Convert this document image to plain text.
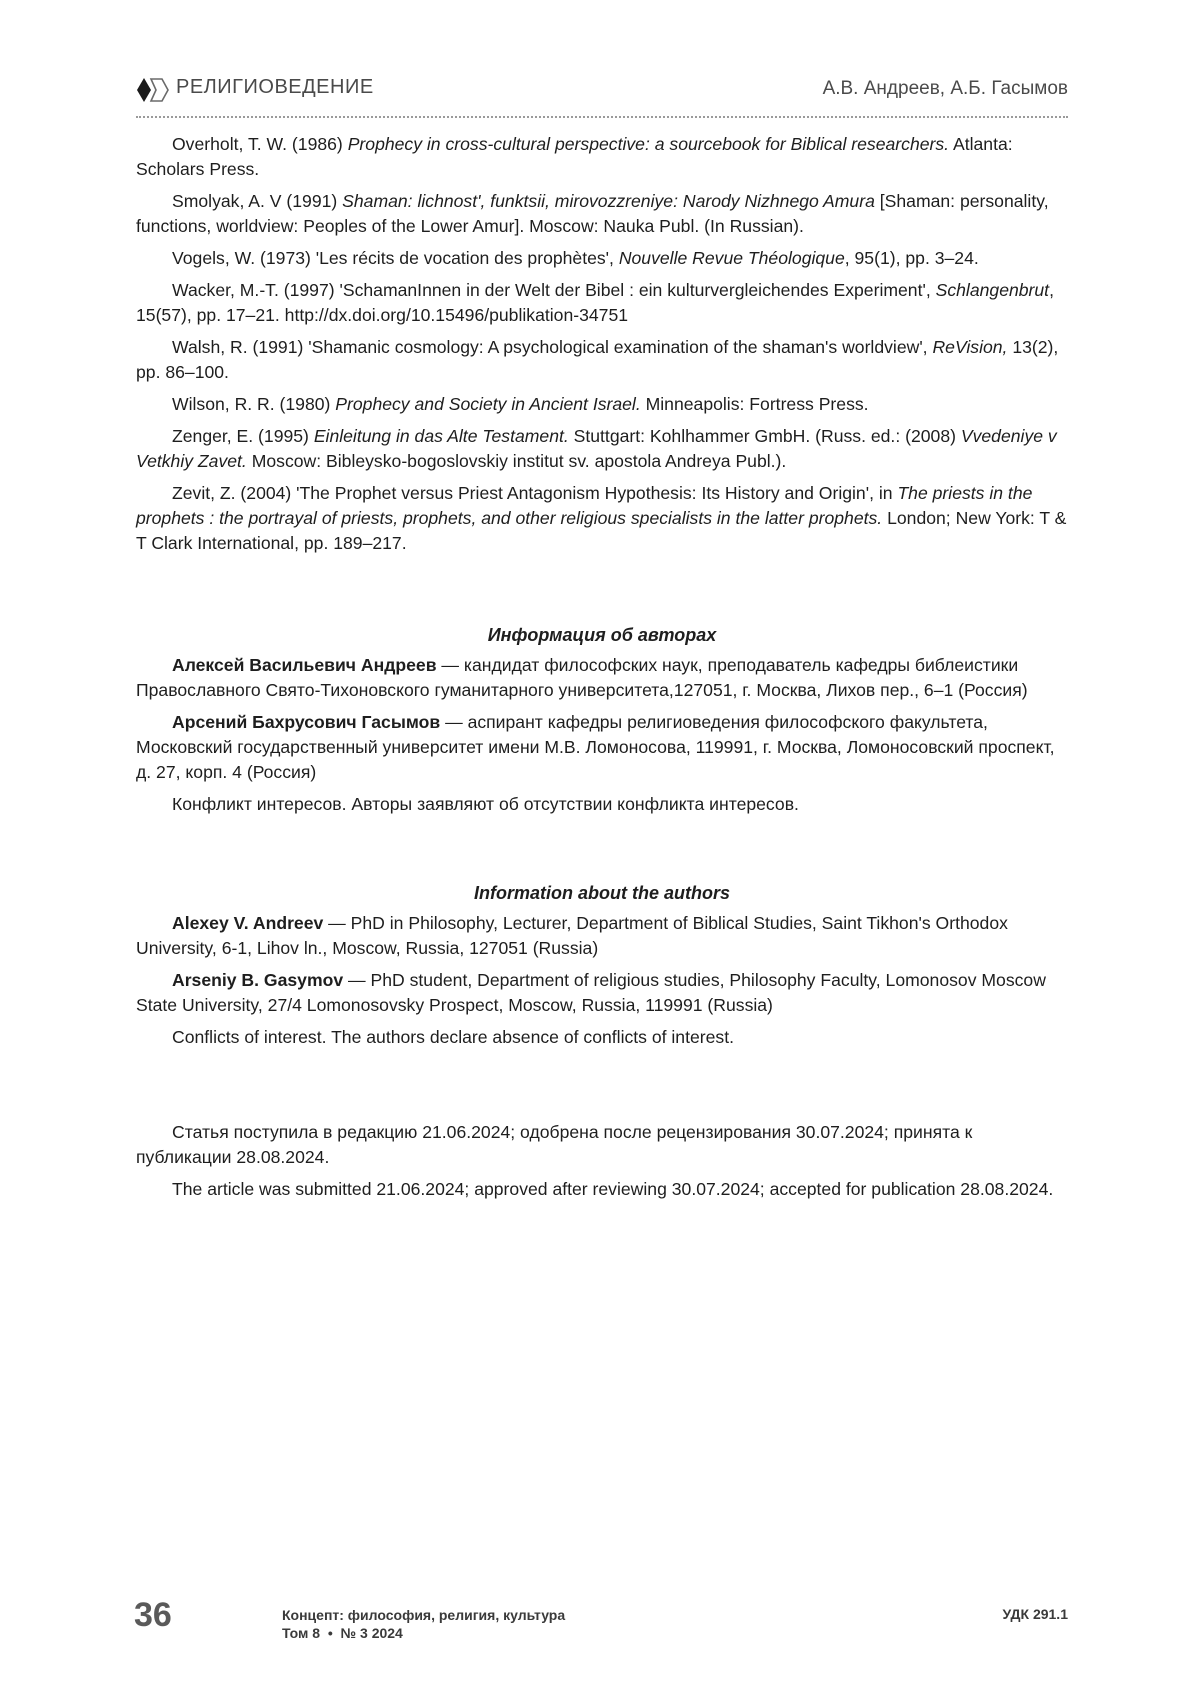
РЕЛИГИОВЕДЕНИЕ	А.В. Андреев, А.Б. Гасымов

Overholt, T. W. (1986) Prophecy in cross-cultural perspective: a sourcebook for Biblical researchers. Atlanta: Scholars Press.

Smolyak, A. V (1991) Shaman: lichnost', funktsii, mirovozzreniye: Narody Nizhnego Amura [Shaman: personality, functions, worldview: Peoples of the Lower Amur]. Moscow: Nauka Publ. (In Russian).

Vogels, W. (1973) 'Les récits de vocation des prophètes', Nouvelle Revue Théologique, 95(1), pp. 3–24.

Wacker, M.-T. (1997) 'SchamanInnen in der Welt der Bibel : ein kulturvergleichendes Experiment', Schlangenbrut, 15(57), pp. 17–21. http://dx.doi.org/10.15496/publikation-34751

Walsh, R. (1991) 'Shamanic cosmology: A psychological examination of the shaman's worldview', ReVision, 13(2), pp. 86–100.

Wilson, R. R. (1980) Prophecy and Society in Ancient Israel. Minneapolis: Fortress Press.

Zenger, E. (1995) Einleitung in das Alte Testament. Stuttgart: Kohlhammer GmbH. (Russ. ed.: (2008) Vvedeniye v Vetkhiy Zavet. Moscow: Bibleysko-bogoslovskiy institut sv. apostola Andreya Publ.).

Zevit, Z. (2004) 'The Prophet versus Priest Antagonism Hypothesis: Its History and Origin', in The priests in the prophets : the portrayal of priests, prophets, and other religious specialists in the latter prophets. London; New York: T & T Clark International, pp. 189–217.

Информация об авторах

Алексей Васильевич Андреев — кандидат философских наук, преподаватель кафедры библеистики Православного Свято-Тихоновского гуманитарного университета,127051, г. Москва, Лихов пер., 6–1 (Россия)

Арсений Бахрусович Гасымов — аспирант кафедры религиоведения философского факультета, Московский государственный университет имени М.В. Ломоносова, 119991, г. Москва, Ломоносовский проспект, д. 27, корп. 4 (Россия)

Конфликт интересов. Авторы заявляют об отсутствии конфликта интересов.

Information about the authors

Alexey V. Andreev — PhD in Philosophy, Lecturer, Department of Biblical Studies, Saint Tikhon's Orthodox University, 6-1, Lihov ln., Moscow, Russia, 127051 (Russia)

Arseniy B. Gasymov — PhD student, Department of religious studies, Philosophy Faculty, Lomonosov Moscow State University, 27/4 Lomonosovsky Prospect, Moscow, Russia, 119991 (Russia)

Conflicts of interest. The authors declare absence of conflicts of interest.

Статья поступила в редакцию 21.06.2024; одобрена после рецензирования 30.07.2024; принята к публикации 28.08.2024.

The article was submitted 21.06.2024; approved after reviewing 30.07.2024; accepted for publication 28.08.2024.

36	Концепт: философия, религия, культура
Том 8  •  № 3 2024
УДК 291.1
